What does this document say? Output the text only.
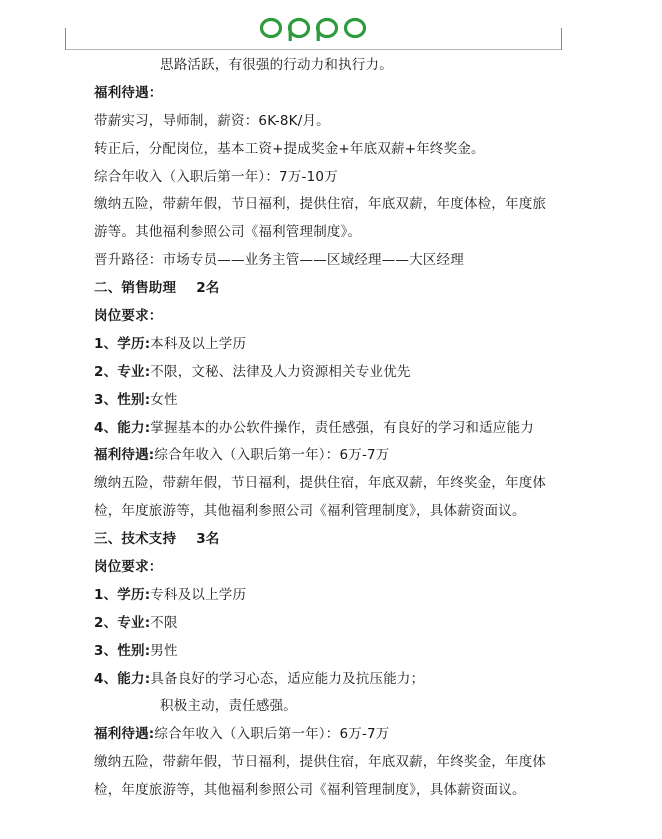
思路活跃，有很强的行动力和执行力。
福利待遇：
带薪实习，导师制，薪资：6K-8K/月。
转正后，分配岗位，基本工资+提成奖金+年底双薪+年终奖金。
综合年收入（入职后第一年）：7万-10万
缴纳五险，带薪年假，节日福利，提供住宿，年底双薪，年度体检，年度旅
游等。其他福利参照公司《福利管理制度》。
晋升路径：市场专员——业务主管——区域经理——大区经理
二、销售助理 2名
岗位要求：
1、学历:本科及以上学历
2、专业:不限，文秘、法律及人力资源相关专业优先
3、性别:女性
4、能力:掌握基本的办公软件操作，责任感强，有良好的学习和适应能力
福利待遇:综合年收入（入职后第一年）：6万-7万
缴纳五险，带薪年假，节日福利，提供住宿，年底双薪，年终奖金，年度体
检，年度旅游等，其他福利参照公司《福利管理制度》，具体薪资面议。
三、技术支持 3名
岗位要求：
1、学历:专科及以上学历
2、专业:不限
3、性别:男性
4、能力:具备良好的学习心态，适应能力及抗压能力；
积极主动，责任感强。
福利待遇:综合年收入（入职后第一年）：6万-7万
缴纳五险，带薪年假，节日福利，提供住宿，年底双薪，年终奖金，年度体
检，年度旅游等，其他福利参照公司《福利管理制度》，具体薪资面议。
